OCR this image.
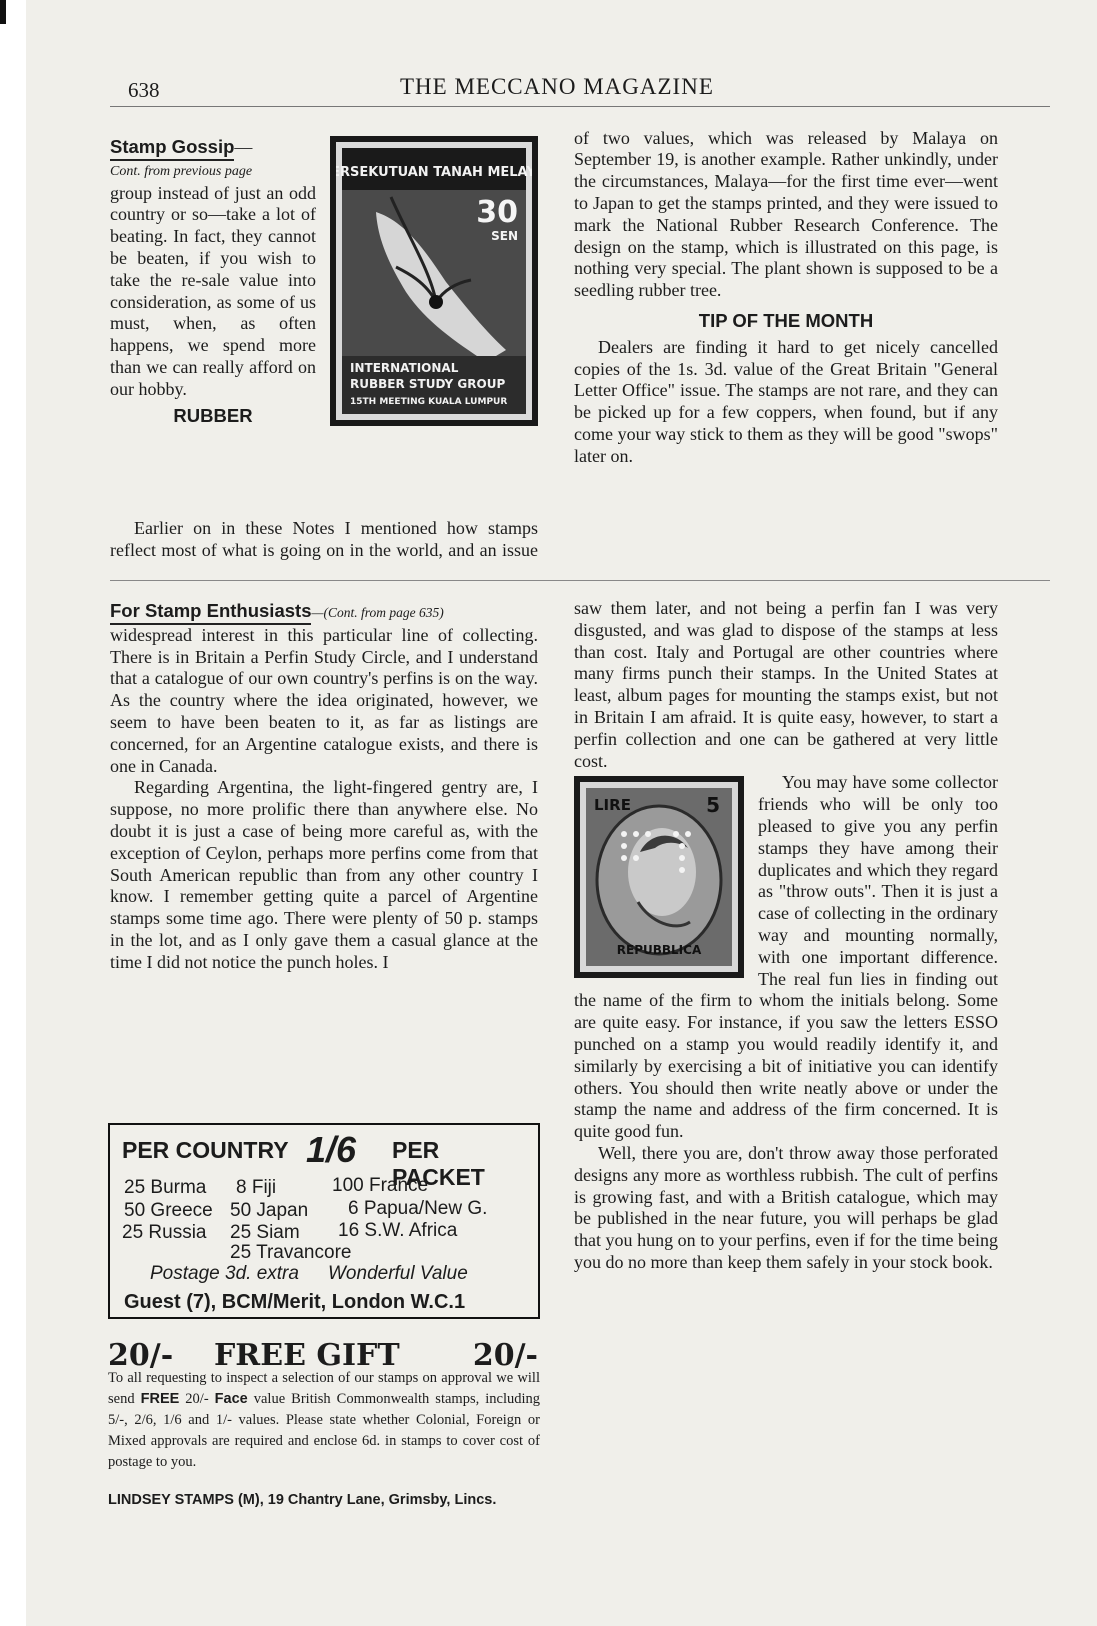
638	THE MECCANO MAGAZINE
RSEKUTUAN TANAH MELAY
30
SEN
INTERNATIONAL
RUBBER STUDY GROUP
15TH MEETING KUALA LUMPUR
Stamp Gossip—
Cont. from previous page

group instead of just an odd country or so—take a lot of beating. In fact, they cannot be beaten, if you wish to take the re-sale value into consideration, as some of us must, when, as often happens, we spend more than we can really afford on our hobby.

RUBBER

Earlier on in these Notes I mentioned how stamps reflect most of what is going on in the world, and an issue

of two values, which was released by Malaya on September 19, is another example. Rather unkindly, under the circumstances, Malaya—for the first time ever—went to Japan to get the stamps printed, and they were issued to mark the National Rubber Research Conference. The design on the stamp, which is illustrated on this page, is nothing very special. The plant shown is supposed to be a seedling rubber tree.

TIP OF THE MONTH

Dealers are finding it hard to get nicely cancelled copies of the 1s. 3d. value of the Great Britain "General Letter Office" issue. The stamps are not rare, and they can be picked up for a few coppers, when found, but if any come your way stick to them as they will be good "swops" later on.

For Stamp Enthusiasts—(Cont. from page 635)

widespread interest in this particular line of collecting. There is in Britain a Perfin Study Circle, and I understand that a catalogue of our own country's perfins is on the way. As the country where the idea originated, however, we seem to have been beaten to it, as far as listings are concerned, for an Argentine catalogue exists, and there is one in Canada.

Regarding Argentina, the light-fingered gentry are, I suppose, no more prolific there than anywhere else. No doubt it is just a case of being more careful as, with the exception of Ceylon, perhaps more perfins come from that South American republic than from any other country I know. I remember getting quite a parcel of Argentine stamps some time ago. There were plenty of 50 p. stamps in the lot, and as I only gave them a casual glance at the time I did not notice the punch holes. I

saw them later, and not being a perfin fan I was very disgusted, and was glad to dispose of the stamps at less than cost. Italy and Portugal are other countries where many firms punch their stamps. In the United States at least, album pages for mounting the stamps exist, but not in Britain I am afraid. It is quite easy, however, to start a perfin collection and one can be gathered at very little cost.

LIRE	5
REPUBBLICA

You may have some collector friends who will be only too pleased to give you any perfin stamps they have among their duplicates and which they regard as "throw outs". Then it is just a case of collecting in the ordinary way and mounting normally, with one important difference. The real fun lies in finding out the name of the firm to whom the initials belong. Some are quite easy. For instance, if you saw the letters ESSO punched on a stamp you would readily identify it, and similarly by exercising a bit of initiative you can identify others. You should then write neatly above or under the stamp the name and address of the firm concerned. It is quite good fun.

Well, there you are, don't throw away those perforated designs any more as worthless rubbish. The cult of perfins is growing fast, and with a British catalogue, which may be published in the near future, you will perhaps be glad that you hung on to your perfins, even if for the time being you do no more than keep them safely in your stock book.

PER COUNTRY 1/6 PER PACKET
25 Burma 8 Fiji	100 France
50 Greece 50 Japan 6 Papua/New G.
25 Russia 25 Siam 16 S.W. Africa
25 Travancore
Postage 3d. extra Wonderful Value
Guest (7), BCM/Merit, London W.C.1
20/- FREE GIFT 20/-
To all requesting to inspect a selection of our stamps on approval we will send FREE 20/- Face value British Commonwealth stamps, including 5/-, 2/6, 1/6 and 1/- values. Please state whether Colonial, Foreign or Mixed approvals are required and enclose 6d. in stamps to cover cost of postage to you.
LINDSEY STAMPS (M), 19 Chantry Lane, Grimsby, Lincs.
